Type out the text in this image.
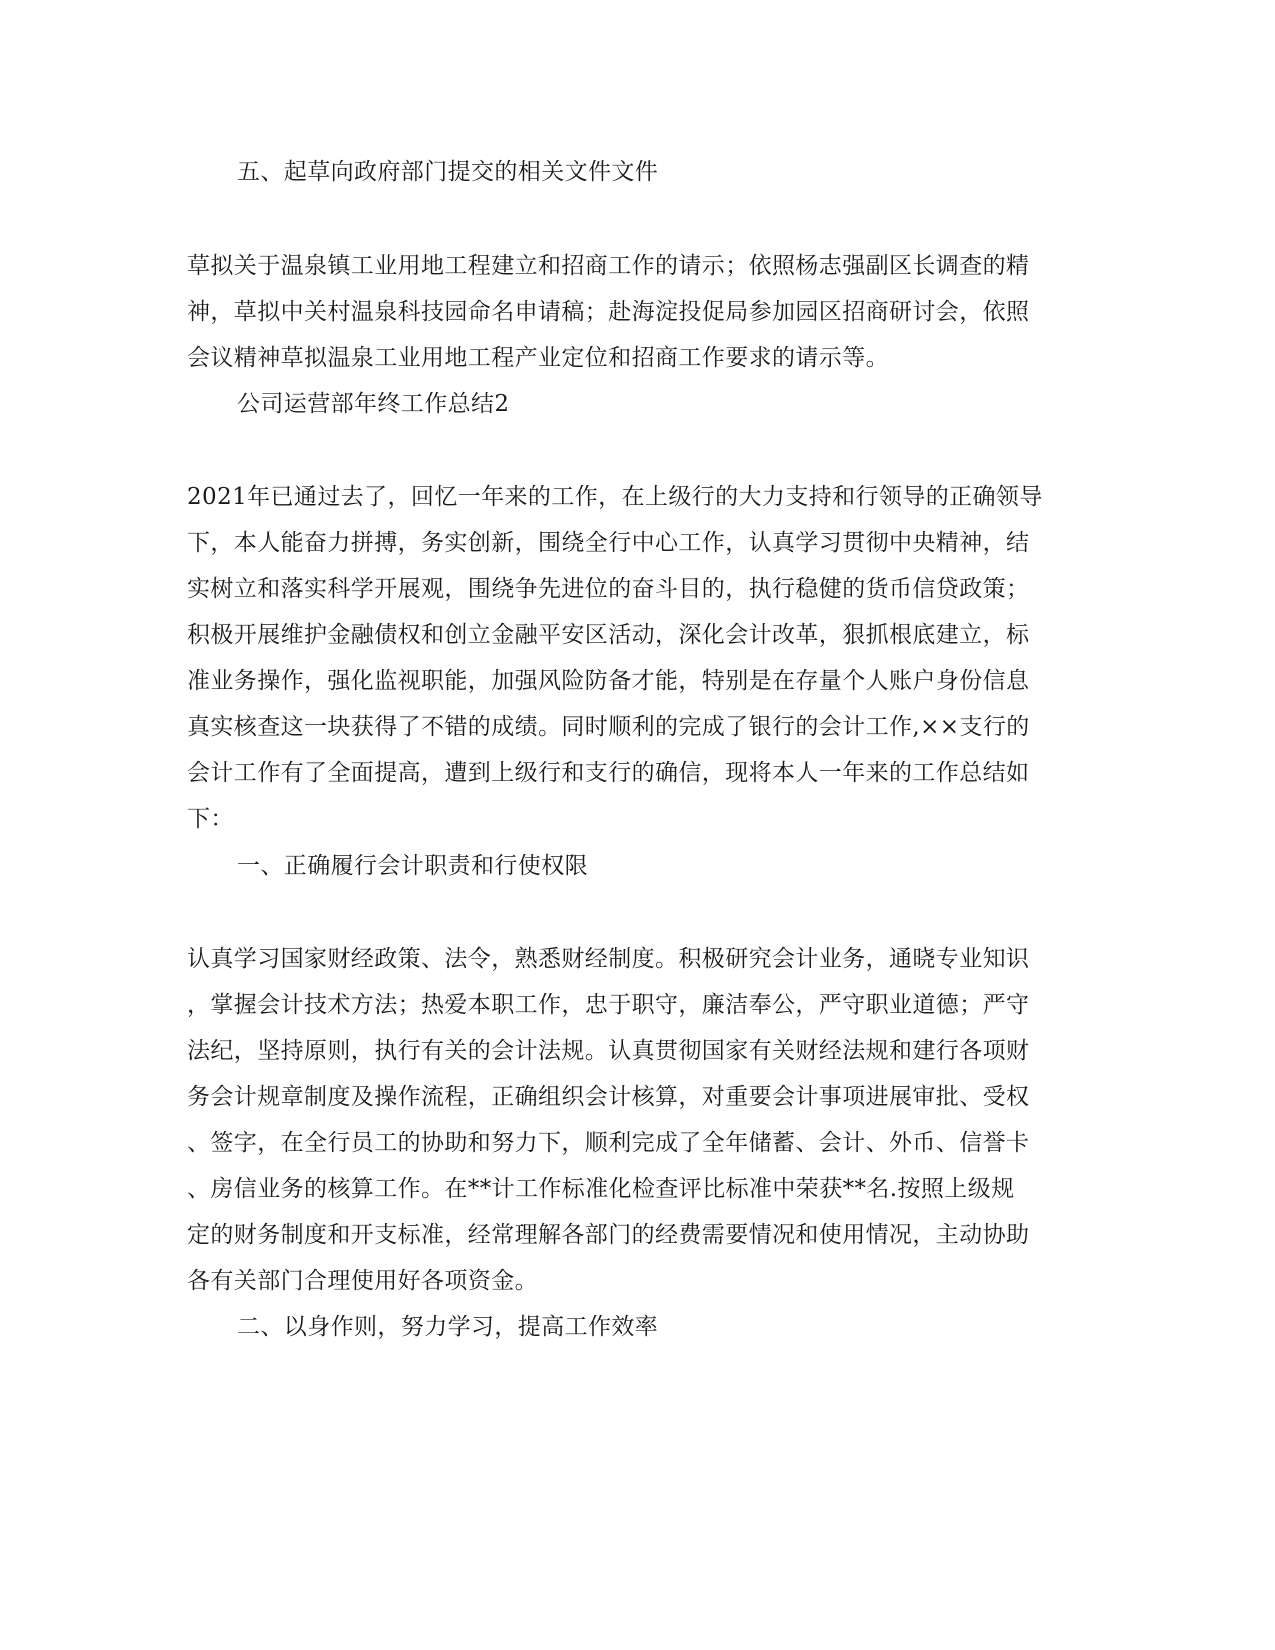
五、起草向政府部门提交的相关文件文件
草拟关于温泉镇工业用地工程建立和招商工作的请示；依照杨志强副区长调查的精
神，草拟中关村温泉科技园命名申请稿；赴海淀投促局参加园区招商研讨会，依照
会议精神草拟温泉工业用地工程产业定位和招商工作要求的请示等。
公司运营部年终工作总结2
2021年已通过去了，回忆一年来的工作，在上级行的大力支持和行领导的正确领导
下，本人能奋力拼搏，务实创新，围绕全行中心工作，认真学习贯彻中央精神，结
实树立和落实科学开展观，围绕争先进位的奋斗目的，执行稳健的货币信贷政策；
积极开展维护金融债权和创立金融平安区活动，深化会计改革，狠抓根底建立，标
准业务操作，强化监视职能，加强风险防备才能，特别是在存量个人账户身份信息
真实核查这一块获得了不错的成绩。同时顺利的完成了银行的会计工作,××支行的
会计工作有了全面提高，遭到上级行和支行的确信，现将本人一年来的工作总结如
下：
一、正确履行会计职责和行使权限
认真学习国家财经政策、法令，熟悉财经制度。积极研究会计业务，通晓专业知识
，掌握会计技术方法；热爱本职工作，忠于职守，廉洁奉公，严守职业道德；严守
法纪，坚持原则，执行有关的会计法规。认真贯彻国家有关财经法规和建行各项财
务会计规章制度及操作流程，正确组织会计核算，对重要会计事项进展审批、受权
、签字，在全行员工的协助和努力下，顺利完成了全年储蓄、会计、外币、信誉卡
、房信业务的核算工作。在**计工作标准化检查评比标准中荣获**名.按照上级规
定的财务制度和开支标准，经常理解各部门的经费需要情况和使用情况，主动协助
各有关部门合理使用好各项资金。
二、以身作则，努力学习，提高工作效率
